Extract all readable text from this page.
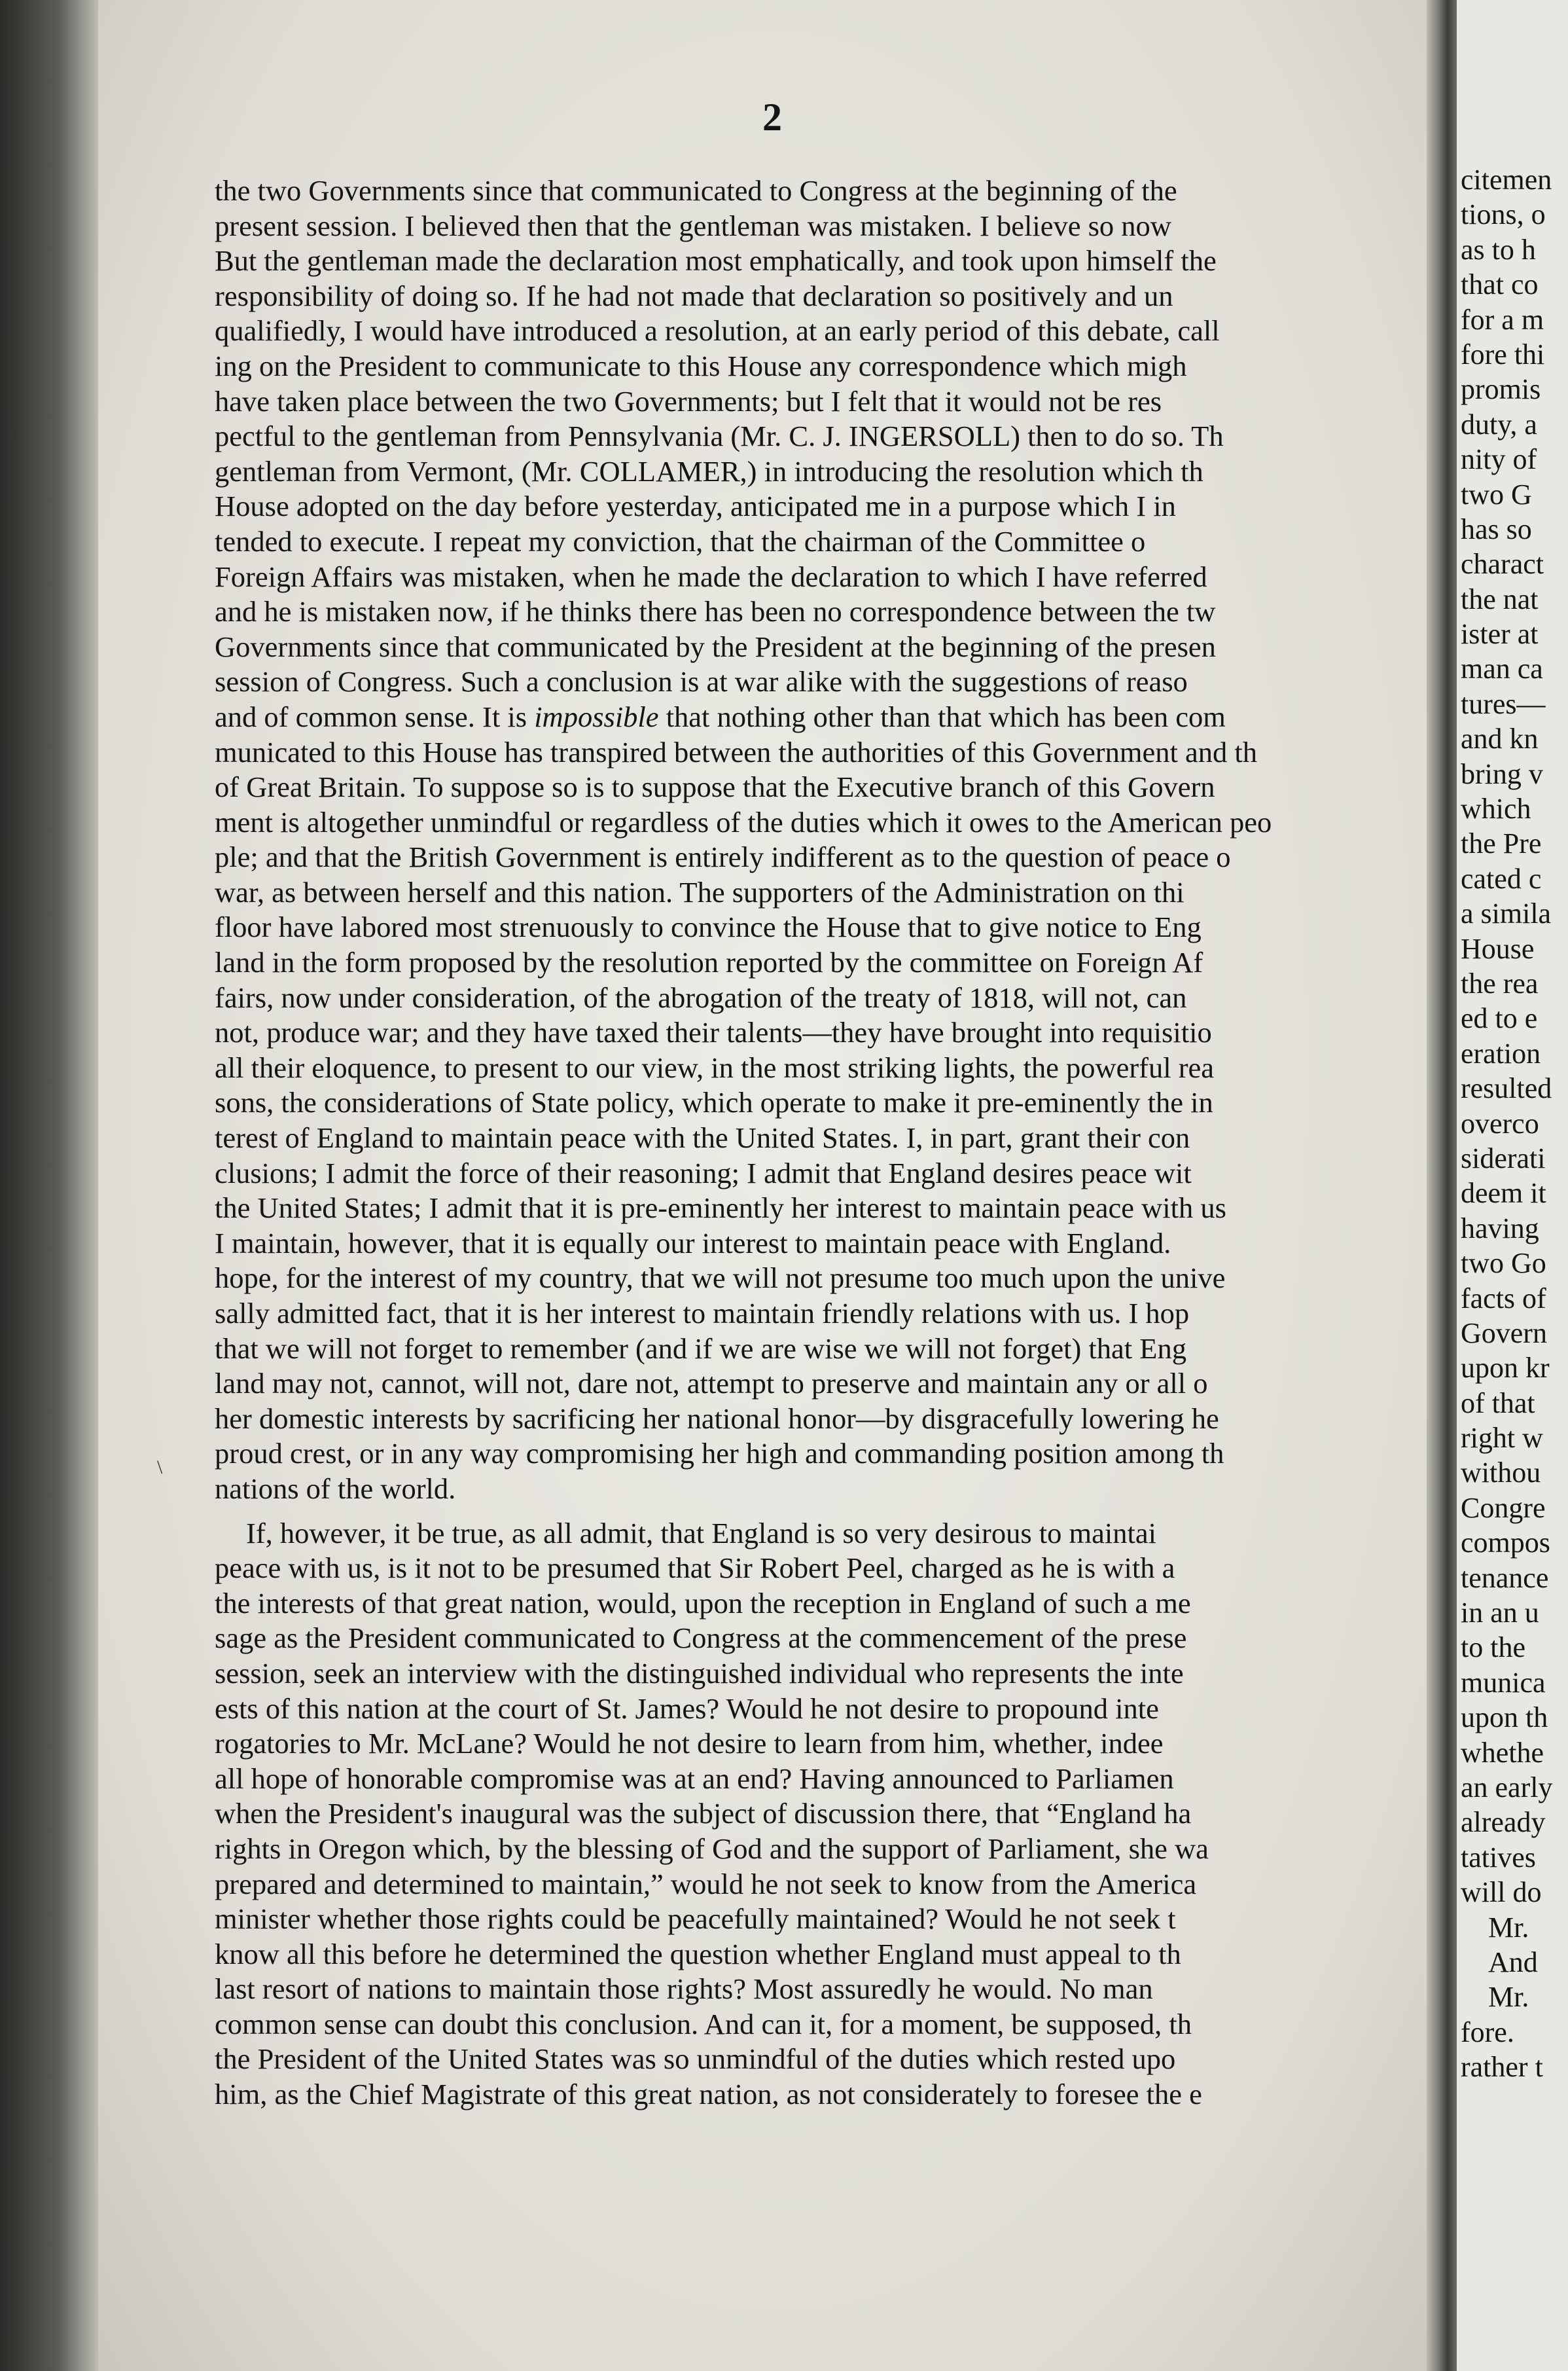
2
the two Governments since that communicated to Congress at the beginning of the
present session. I believed then that the gentleman was mistaken. I believe so now
But the gentleman made the declaration most emphatically, and took upon himself the
responsibility of doing so. If he had not made that declaration so positively and un
qualifiedly, I would have introduced a resolution, at an early period of this debate, call
ing on the President to communicate to this House any correspondence which migh
have taken place between the two Governments; but I felt that it would not be res
pectful to the gentleman from Pennsylvania (Mr. C. J. INGERSOLL) then to do so. Th
gentleman from Vermont, (Mr. COLLAMER,) in introducing the resolution which th
House adopted on the day before yesterday, anticipated me in a purpose which I in
tended to execute. I repeat my conviction, that the chairman of the Committee o
Foreign Affairs was mistaken, when he made the declaration to which I have referred
and he is mistaken now, if he thinks there has been no correspondence between the tw
Governments since that communicated by the President at the beginning of the presen
session of Congress. Such a conclusion is at war alike with the suggestions of reaso
and of common sense. It is impossible that nothing other than that which has been com
municated to this House has transpired between the authorities of this Government and th
of Great Britain. To suppose so is to suppose that the Executive branch of this Govern
ment is altogether unmindful or regardless of the duties which it owes to the American peo
ple; and that the British Government is entirely indifferent as to the question of peace o
war, as between herself and this nation. The supporters of the Administration on thi
floor have labored most strenuously to convince the House that to give notice to Eng
land in the form proposed by the resolution reported by the committee on Foreign Af
fairs, now under consideration, of the abrogation of the treaty of 1818, will not, can
not, produce war; and they have taxed their talents—they have brought into requisitio
all their eloquence, to present to our view, in the most striking lights, the powerful rea
sons, the considerations of State policy, which operate to make it pre-eminently the in
terest of England to maintain peace with the United States. I, in part, grant their con
clusions; I admit the force of their reasoning; I admit that England desires peace wit
the United States; I admit that it is pre-eminently her interest to maintain peace with us
I maintain, however, that it is equally our interest to maintain peace with England.
hope, for the interest of my country, that we will not presume too much upon the unive
sally admitted fact, that it is her interest to maintain friendly relations with us. I hop
that we will not forget to remember (and if we are wise we will not forget) that Eng
land may not, cannot, will not, dare not, attempt to preserve and maintain any or all o
her domestic interests by sacrificing her national honor—by disgracefully lowering he
proud crest, or in any way compromising her high and commanding position among th
nations of the world.
If, however, it be true, as all admit, that England is so very desirous to maintai
peace with us, is it not to be presumed that Sir Robert Peel, charged as he is with a
the interests of that great nation, would, upon the reception in England of such a me
sage as the President communicated to Congress at the commencement of the prese
session, seek an interview with the distinguished individual who represents the inte
ests of this nation at the court of St. James? Would he not desire to propound inte
rogatories to Mr. McLane? Would he not desire to learn from him, whether, indee
all hope of honorable compromise was at an end? Having announced to Parliamen
when the President's inaugural was the subject of discussion there, that “England ha
rights in Oregon which, by the blessing of God and the support of Parliament, she wa
prepared and determined to maintain,” would he not seek to know from the America
minister whether those rights could be peacefully maintained? Would he not seek t
know all this before he determined the question whether England must appeal to th
last resort of nations to maintain those rights? Most assuredly he would. No man
common sense can doubt this conclusion. And can it, for a moment, be supposed, th
the President of the United States was so unmindful of the duties which rested upo
him, as the Chief Magistrate of this great nation, as not considerately to foresee the e
ø
\
citemen
tions, o
as to h
that co
for a m
fore thi
promis
duty, a
nity of
two G
has so
charact
the nat
ister at
man ca
tures—
and kn
bring v
which
the Pre
cated c
a simila
House
the rea
ed to e
eration
resulted
overco
siderati
deem it
having
two Go
facts of
Govern
upon kr
of that
right w
withou
Congre
compos
tenance
in an u
to the
munica
upon th
whethe
an early
already
tatives
will do
Mr.
And
Mr.
fore.
rather t
